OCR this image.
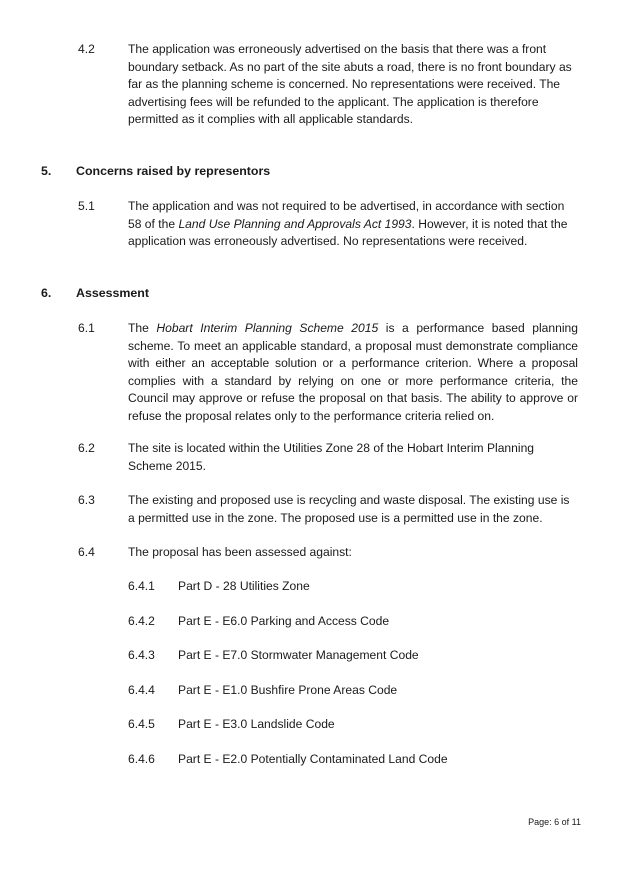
4.2	The application was erroneously advertised on the basis that there was a front boundary setback. As no part of the site abuts a road, there is no front boundary as far as the planning scheme is concerned. No representations were received. The advertising fees will be refunded to the applicant. The application is therefore permitted as it complies with all applicable standards.
5. Concerns raised by representors
5.1	The application and was not required to be advertised, in accordance with section 58 of the Land Use Planning and Approvals Act 1993. However, it is noted that the application was erroneously advertised. No representations were received.
6. Assessment
6.1	The Hobart Interim Planning Scheme 2015 is a performance based planning scheme. To meet an applicable standard, a proposal must demonstrate compliance with either an acceptable solution or a performance criterion. Where a proposal complies with a standard by relying on one or more performance criteria, the Council may approve or refuse the proposal on that basis. The ability to approve or refuse the proposal relates only to the performance criteria relied on.
6.2	The site is located within the Utilities Zone 28 of the Hobart Interim Planning Scheme 2015.
6.3	The existing and proposed use is recycling and waste disposal. The existing use is a permitted use in the zone. The proposed use is a permitted use in the zone.
6.4	The proposal has been assessed against:
6.4.1 Part D - 28 Utilities Zone
6.4.2 Part E - E6.0 Parking and Access Code
6.4.3 Part E - E7.0 Stormwater Management Code
6.4.4 Part E - E1.0 Bushfire Prone Areas Code
6.4.5 Part E - E3.0 Landslide Code
6.4.6 Part E - E2.0 Potentially Contaminated Land Code
Page: 6 of 11
